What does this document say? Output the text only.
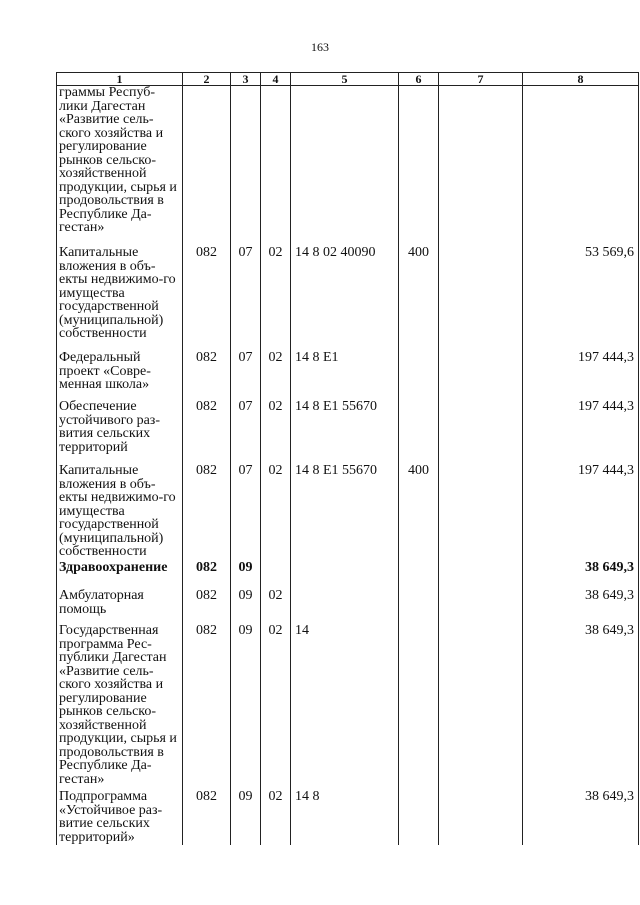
163
1	2	3	4	5	6	7	8
граммы Респуб-лики Дагестан «Развитие сель-ского хозяйства и регулирование рынков сельско-хозяйственной продукции, сырья и продовольствия в Республике Да-гестан»							
Капитальные вложения в объ-екты недвижимо-го имущества государственной (муниципальной) собственности	082	07	02	14 8 02 40090	400		53 569,6
Федеральный проект «Совре-менная школа»	082	07	02	14 8 E1			197 444,3
Обеспечение устойчивого раз-вития сельских территорий	082	07	02	14 8 E1 55670			197 444,3
Капитальные вложения в объ-екты недвижимо-го имущества государственной (муниципальной) собственности	082	07	02	14 8 E1 55670	400		197 444,3
Здравоохранение	082	09					38 649,3
Амбулаторная помощь	082	09	02				38 649,3
Государственная программа Рес-публики Дагестан «Развитие сель-ского хозяйства и регулирование рынков сельско-хозяйственной продукции, сырья и продовольствия в Республике Да-гестан»	082	09	02	14			38 649,3
Подпрограмма «Устойчивое раз-витие сельских территорий»	082	09	02	14 8			38 649,3
